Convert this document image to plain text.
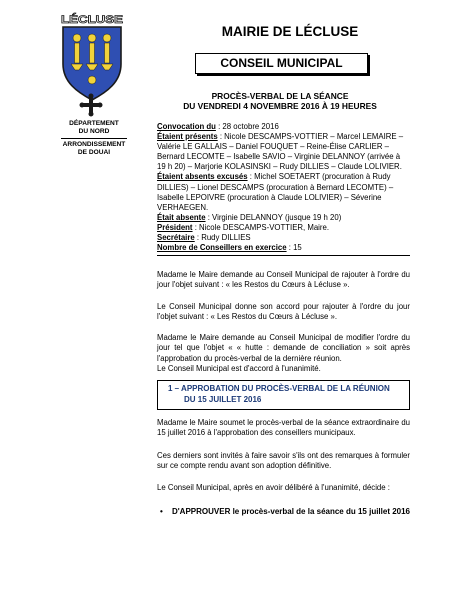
LÉCLUSE
DÉPARTEMENT
DU NORD
ARRONDISSEMENT
DE DOUAI
MAIRIE DE LÉCLUSE
CONSEIL MUNICIPAL
PROCÈS-VERBAL DE LA SÉANCE
DU VENDREDI 4 NOVEMBRE 2016 À 19 HEURES
Convocation du : 28 octobre 2016
Étaient présents : Nicole DESCAMPS-VOTTIER – Marcel LEMAIRE – Valérie LE GALLAIS – Daniel FOUQUET – Reine-Élise CARLIER – Bernard LECOMTE – Isabelle SAVIO – Virginie DELANNOY (arrivée à 19 h 20) – Marjorie KOLASINSKI – Rudy DILLIES – Claude LOLIVIER.
Étaient absents excusés : Michel SOETAERT (procuration à Rudy DILLIES) – Lionel DESCAMPS (procuration à Bernard LECOMTE) – Isabelle LEPOIVRE (procuration à Claude LOLIVIER) – Séverine VERHAEGEN.
Était absente : Virginie DELANNOY (jusque 19 h 20)
Président : Nicole DESCAMPS-VOTTIER, Maire.
Secrétaire : Rudy DILLIES
Nombre de Conseillers en exercice : 15
Madame le Maire demande au Conseil Municipal de rajouter à l'ordre du jour l'objet suivant : « les Restos du Cœurs à Lécluse ».
Le Conseil Municipal donne son accord pour rajouter à l'ordre du jour l'objet suivant : « Les Restos du Cœurs à Lécluse ».
Madame le Maire demande au Conseil Municipal de modifier l'ordre du jour tel que l'objet « « hutte : demande de conciliation » soit après l'approbation du procès-verbal de la dernière réunion.
Le Conseil Municipal est d'accord à l'unanimité.
1 – APPROBATION DU PROCÈS-VERBAL DE LA RÉUNION
DU 15 JUILLET 2016
Madame le Maire soumet le procès-verbal de la séance extraordinaire du 15 juillet 2016 à l'approbation des conseillers municipaux.
Ces derniers sont invités à faire savoir s'ils ont des remarques à formuler sur ce compte rendu avant son adoption définitive.
Le Conseil Municipal, après en avoir délibéré à l'unanimité, décide :
• D'APPROUVER le procès-verbal de la séance du 15 juillet 2016
